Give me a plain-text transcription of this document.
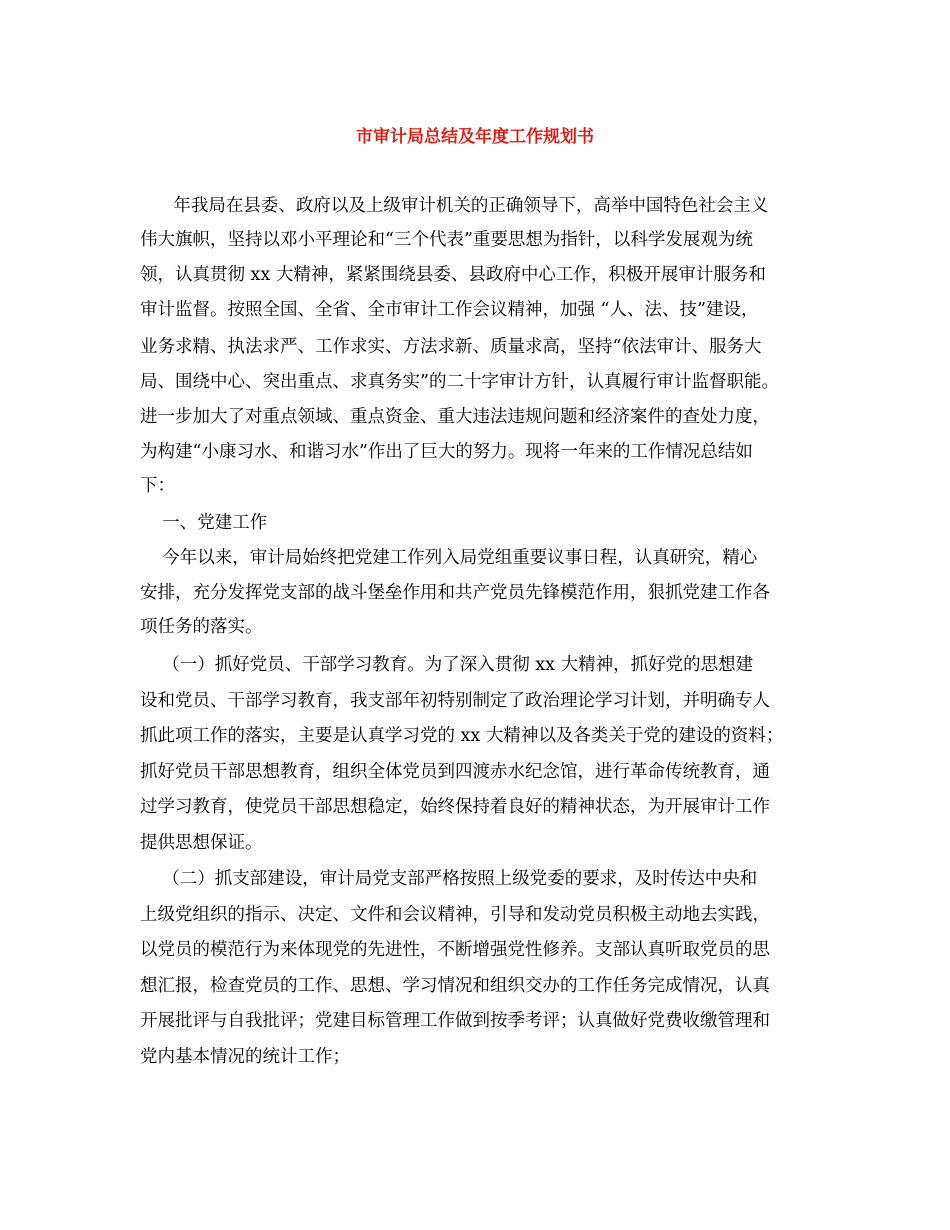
市审计局总结及年度工作规划书
年我局在县委、政府以及上级审计机关的正确领导下，高举中国特色社会主义
伟大旗帜，坚持以邓小平理论和“三个代表”重要思想为指针，以科学发展观为统
领，认真贯彻 xx 大精神，紧紧围绕县委、县政府中心工作，积极开展审计服务和
审计监督。按照全国、全省、全市审计工作会议精神，加强 “人、法、技”建设，
业务求精、执法求严、工作求实、方法求新、质量求高，坚持“依法审计、服务大
局、围绕中心、突出重点、求真务实”的二十字审计方针，认真履行审计监督职能。
进一步加大了对重点领域、重点资金、重大违法违规问题和经济案件的查处力度，
为构建“小康习水、和谐习水”作出了巨大的努力。现将一年来的工作情况总结如
下：
一、党建工作
今年以来，审计局始终把党建工作列入局党组重要议事日程，认真研究，精心
安排，充分发挥党支部的战斗堡垒作用和共产党员先锋模范作用，狠抓党建工作各
项任务的落实。
（一）抓好党员、干部学习教育。为了深入贯彻 xx 大精神，抓好党的思想建
设和党员、干部学习教育，我支部年初特别制定了政治理论学习计划，并明确专人
抓此项工作的落实，主要是认真学习党的 xx 大精神以及各类关于党的建设的资料；
抓好党员干部思想教育，组织全体党员到四渡赤水纪念馆，进行革命传统教育，通
过学习教育，使党员干部思想稳定，始终保持着良好的精神状态，为开展审计工作
提供思想保证。
（二）抓支部建设，审计局党支部严格按照上级党委的要求，及时传达中央和
上级党组织的指示、决定、文件和会议精神，引导和发动党员积极主动地去实践，
以党员的模范行为来体现党的先进性，不断增强党性修养。支部认真听取党员的思
想汇报，检查党员的工作、思想、学习情况和组织交办的工作任务完成情况，认真
开展批评与自我批评；党建目标管理工作做到按季考评；认真做好党费收缴管理和
党内基本情况的统计工作；
